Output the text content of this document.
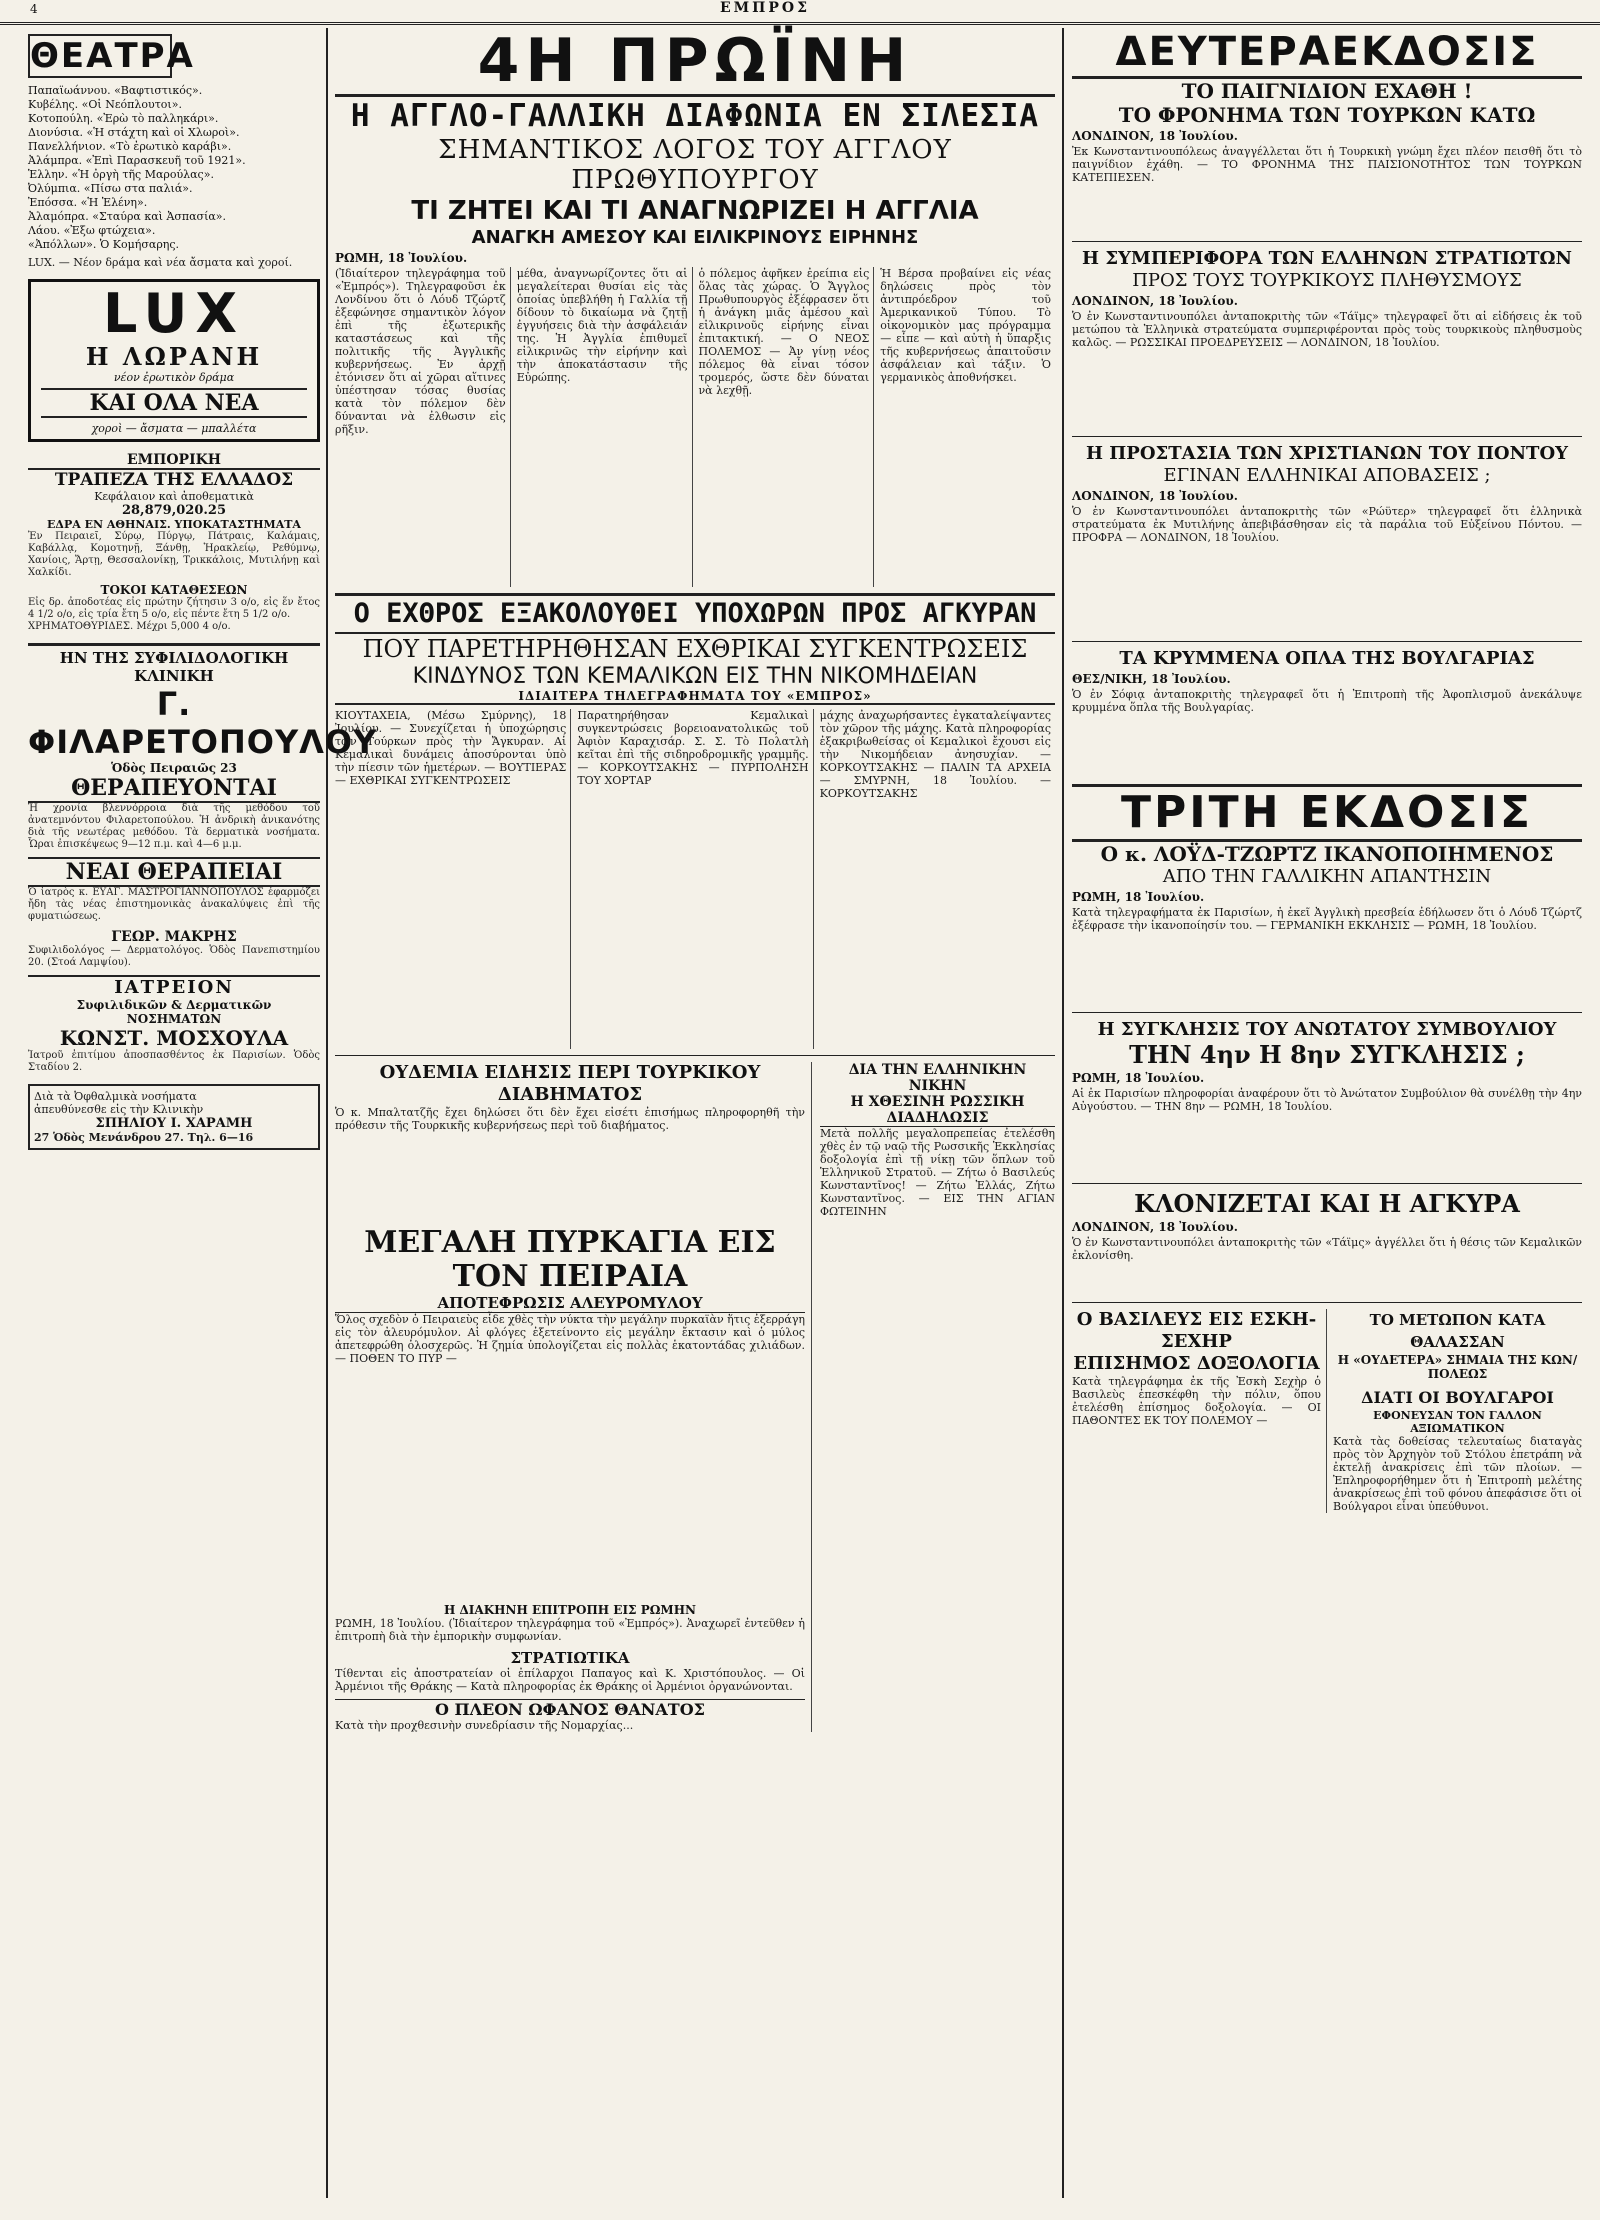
4	ΕΜΠΡΟΣ
ΘΕΑΤΡΑ
Παπαϊωάννου. «Βαφτιστικός».
Κυβέλης. «Οἱ Νεόπλουτοι».
Κοτοπούλη. «Ἐρὼ τὸ παλληκάρι».
Διονύσια. «Ἡ στάχτη καὶ οἱ Χλωροὶ».
Πανελλήνιον. «Τὸ ἐρωτικὸ καράβι».
Ἀλάμπρα. «Ἐπὶ Παρασκευῆ τοῦ 1921».
Ἑλλην. «Ἡ ὀργὴ τῆς Μαρούλας».
Ὀλύμπια. «Πίσω στα παλιά».
Ἐπόσσα. «Ἡ Ἑλένη».
Ἀλαμόπρα. «Σταύρα καὶ Ἀσπασία».
Λάου. «Ἐξω φτώχεια».
«Ἀπόλλων». Ὁ Κομήσαρης.
LUX. — Νέον δράμα καὶ νέα ἄσματα καὶ χοροί.
LUX
Η ΛΩΡΑΝΗ
νέον ἐρωτικὸν δράμα
ΚΑΙ ΟΛΑ ΝΕΑ
χοροὶ — ἄσματα — μπαλλέτα
ΕΜΠΟΡΙΚΗ
ΤΡΑΠΕΖΑ ΤΗΣ ΕΛΛΑΔΟΣ
Κεφάλαιον καὶ ἀποθεματικὰ
28,879,020.25
ΕΔΡΑ ΕΝ ΑΘΗΝΑΙΣ. ΥΠΟΚΑΤΑΣΤΗΜΑΤΑ
Ἐν Πειραιεῖ, Σύρῳ, Πύργῳ, Πάτραις, Καλάμαις, Καβάλλᾳ, Κομοτηνῇ, Ξάνθῃ, Ἡρακλείῳ, Ρεθύμνῳ, Χανίοις, Ἄρτῃ, Θεσσαλονίκῃ, Τρικκάλοις, Μυτιλήνῃ καὶ Χαλκίδι.
ΤΟΚΟΙ ΚΑΤΑΘΕΣΕΩΝ
Εἰς δρ. ἀποδοτέας εἰς πρώτην ζήτησιν 3 ο/ο, εἰς ἕν ἔτος 4 1/2 ο/ο, εἰς τρία ἔτη 5 ο/ο, εἰς πέντε ἔτη 5 1/2 ο/ο.
ΧΡΗΜΑΤΟΘΥΡΙΔΕΣ. Μέχρι 5,000 4 ο/ο.
ΗΝ ΤΗΣ ΣΥΦΙΛΙΔΟΛΟΓΙΚΗ ΚΛΙΝΙΚΗ
Γ. ΦΙΛΑΡΕΤΟΠΟΥΛΟΥ
Ὁδὸς Πειραιῶς 23
ΘΕΡΑΠΕΥΟΝΤΑΙ
Ἡ χρονία βλεννόρροια διὰ τῆς μεθόδου τοῦ ἀνατεμνόντου Φιλαρετοπούλου. Ἡ ἀνδρικὴ ἀνικανότης διὰ τῆς νεωτέρας μεθόδου. Τὰ δερματικὰ νοσήματα. Ὧραι ἐπισκέψεως 9—12 π.μ. καὶ 4—6 μ.μ.
ΝΕΑΙ ΘΕΡΑΠΕΙΑΙ
Ὁ ἰατρὸς κ. ΕΥΑΓ. ΜΑΣΤΡΟΓΙΑΝΝΟΠΟΥΛΟΣ ἐφαρμόζει ἤδη τὰς νέας ἐπιστημονικὰς ἀνακαλύψεις ἐπὶ τῆς φυματιώσεως.
ΓΕΩΡ. ΜΑΚΡΗΣ
Συφιλιδολόγος — Δερματολόγος. Ὁδὸς Πανεπιστημίου 20. (Στοά Λαμψίου).
ΙΑΤΡΕΙΟΝ
Συφιλιδικῶν & Δερματικῶν ΝΟΣΗΜΑΤΩΝ
ΚΩΝΣΤ. ΜΟΣΧΟΥΛΑ
Ἰατροῦ ἐπιτίμου ἀποσπασθέντος ἐκ Παρισίων. Ὁδὸς Σταδίου 2.
Διὰ τὰ Ὀφθαλμικὰ νοσήματα
ἀπευθύνεσθε εἰς τὴν Κλινικὴν
ΣΠΗΛΙΟΥ Ι. ΧΑΡΑΜΗ
27 Ὁδὸς Μενάνδρου 27. Τηλ. 6—16
4Η ΠΡΩΪΝΗ
Η ΑΓΓΛΟ-ΓΑΛΛΙΚΗ ΔΙΑΦΩΝΙΑ ΕΝ ΣΙΛΕΣΙΑ
ΣΗΜΑΝΤΙΚΟΣ ΛΟΓΟΣ ΤΟΥ ΑΓΓΛΟΥ ΠΡΩΘΥΠΟΥΡΓΟΥ
ΤΙ ΖΗΤΕΙ ΚΑΙ ΤΙ ΑΝΑΓΝΩΡΙΖΕΙ Η ΑΓΓΛΙΑ
ΑΝΑΓΚΗ ΑΜΕΣΟΥ ΚΑΙ ΕΙΛΙΚΡΙΝΟΥΣ ΕΙΡΗΝΗΣ
ΡΩΜΗ, 18 Ἰουλίου.
(Ἰδιαίτερον τηλεγράφημα τοῦ «Ἐμπρός»). Τηλεγραφοῦσι ἐκ Λονδίνου ὅτι ὁ Λόυδ Τζώρτζ ἐξεφώνησε σημαντικὸν λόγον ἐπὶ τῆς ἐξωτερικῆς καταστάσεως καὶ τῆς πολιτικῆς τῆς Ἀγγλικῆς κυβερνήσεως. Ἐν ἀρχῇ ἐτόνισεν ὅτι αἱ χῶραι αἵτινες ὑπέστησαν τόσας θυσίας κατὰ τὸν πόλεμον δὲν δύνανται νὰ ἐλθωσιν εἰς ρῆξιν.
μέθα, ἀναγνωρίζοντες ὅτι αἱ μεγαλείτεραι θυσίαι εἰς τὰς ὁποίας ὑπεβλήθη ἡ Γαλλία τῇ δίδουν τὸ δικαίωμα νὰ ζητῇ ἐγγυήσεις διὰ τὴν ἀσφάλειάν της. Ἡ Ἀγγλία ἐπιθυμεῖ εἰλικρινῶς τὴν εἰρήνην καὶ τὴν ἀποκατάστασιν τῆς Εὐρώπης.
ὁ πόλεμος ἀφῆκεν ἐρείπια εἰς ὅλας τὰς χώρας. Ὁ Ἄγγλος Πρωθυπουργὸς ἐξέφρασεν ὅτι ἡ ἀνάγκη μιᾶς ἀμέσου καὶ εἰλικρινοῦς εἰρήνης εἶναι ἐπιτακτική. — Ο ΝΕΟΣ ΠΟΛΕΜΟΣ — Ἀν γίνῃ νέος πόλεμος θὰ εἶναι τόσον τρομερός, ὥστε δὲν δύναται νὰ λεχθῇ.
Ἡ Βέρσα προβαίνει εἰς νέας δηλώσεις πρὸς τὸν ἀντιπρόεδρον τοῦ Ἀμερικανικοῦ Τύπου. Τὸ οἰκονομικὸν μας πρόγραμμα — εἶπε — καὶ αὐτὴ ἡ ὕπαρξις τῆς κυβερνήσεως ἀπαιτοῦσιν ἀσφάλειαν καὶ τάξιν. Ὁ γερμανικὸς ἀποθνήσκει.
Ο ΕΧΘΡΟΣ ΕΞΑΚΟΛΟΥΘΕΙ ΥΠΟΧΩΡΩΝ ΠΡΟΣ ΑΓΚΥΡΑΝ
ΠΟΥ ΠΑΡΕΤΗΡΗΘΗΣΑΝ ΕΧΘΡΙΚΑΙ ΣΥΓΚΕΝΤΡΩΣΕΙΣ
ΚΙΝΔΥΝΟΣ ΤΩΝ ΚΕΜΑΛΙΚΩΝ ΕΙΣ ΤΗΝ ΝΙΚΟΜΗΔΕΙΑΝ
ΙΔΙΑΙΤΕΡΑ ΤΗΛΕΓΡΑΦΗΜΑΤΑ ΤΟΥ «ΕΜΠΡΟΣ»
ΚΙΟΥΤΑΧΕΙΑ, (Μέσω Σμύρνης), 18 Ἰουλίου. — Συνεχίζεται ἡ ὑποχώρησις τῶν Τούρκων πρὸς τὴν Ἄγκυραν. Αἱ Κεμαλικαὶ δυνάμεις ἀποσύρονται ὑπὸ τὴν πίεσιν τῶν ἡμετέρων. — ΒΟΥΤΙΕΡΑΣ — ΕΧΘΡΙΚΑΙ ΣΥΓΚΕΝΤΡΩΣΕΙΣ
Παρατηρήθησαν Κεμαλικαὶ συγκεντρώσεις βορειοανατολικῶς τοῦ Ἀφιὸν Καραχισάρ. Σ. Σ. Τὸ Πολατλὴ κεῖται ἐπὶ τῆς σιδηροδρομικῆς γραμμῆς. — ΚΟΡΚΟΥΤΣΑΚΗΣ — ΠΥΡΠΟΛΗΣΗ ΤΟΥ ΧΟΡΤΑΡ
μάχης ἀναχωρήσαντες ἐγκαταλείψαντες τὸν χῶρον τῆς μάχης. Κατὰ πληροφορίας ἐξακριβωθείσας οἱ Κεμαλικοὶ ἔχουσι εἰς τὴν Νικομήδειαν ἀνησυχίαν. — ΚΟΡΚΟΥΤΣΑΚΗΣ — ΠΑΛΙΝ ΤΑ ΑΡΧΕΙΑ — ΣΜΥΡΝΗ, 18 Ἰουλίου. — ΚΟΡΚΟΥΤΣΑΚΗΣ
ΟΥΔΕΜΙΑ ΕΙΔΗΣΙΣ ΠΕΡΙ ΤΟΥΡΚΙΚΟΥ ΔΙΑΒΗΜΑΤΟΣ
Ὁ κ. Μπαλτατζῆς ἔχει δηλώσει ὅτι δὲν ἔχει εἰσέτι ἐπισήμως πληροφορηθῆ τὴν πρόθεσιν τῆς Τουρκικῆς κυβερνήσεως περὶ τοῦ διαβήματος.
ΜΕΓΑΛΗ ΠΥΡΚΑΓΙΑ ΕΙΣ ΤΟΝ ΠΕΙΡΑΙΑ
ΑΠΟΤΕΦΡΩΣΙΣ ΑΛΕΥΡΟΜΥΛΟΥ
Ὅλος σχεδὸν ὁ Πειραιεὺς εἶδε χθὲς τὴν νύκτα τὴν μεγάλην πυρκαϊὰν ἥτις ἐξερράγη εἰς τὸν ἀλευρόμυλον. Αἱ φλόγες ἐξετείνοντο εἰς μεγάλην ἔκτασιν καὶ ὁ μύλος ἀπετεφρώθη ὁλοσχερῶς. Ἡ ζημία ὑπολογίζεται εἰς πολλὰς ἑκατοντάδας χιλιάδων. — ΠΟΘΕΝ ΤΟ ΠΥΡ —
Η ΔΙΑΚΗΝΗ ΕΠΙΤΡΟΠΗ ΕΙΣ ΡΩΜΗΝ
ΡΩΜΗ, 18 Ἰουλίου. (Ἰδιαίτερον τηλεγράφημα τοῦ «Ἐμπρός»). Ἀναχωρεῖ ἐντεῦθεν ἡ ἐπιτροπὴ διὰ τὴν ἐμπορικὴν συμφωνίαν.
ΣΤΡΑΤΙΩΤΙΚΑ
Τίθενται εἰς ἀποστρατείαν οἱ ἐπίλαρχοι Παπαγος καὶ Κ. Χριστόπουλος. — Οἱ Ἀρμένιοι τῆς Θράκης — Κατὰ πληροφορίας ἐκ Θράκης οἱ Ἀρμένιοι ὀργανώνονται.
Ο ΠΛΕΟΝ ΩΦΑΝΟΣ ΘΑΝΑΤΟΣ
Κατὰ τὴν προχθεσινὴν συνεδρίασιν τῆς Νομαρχίας...
ΔΙΑ ΤΗΝ ΕΛΛΗΝΙΚΗΝ ΝΙΚΗΝ
Η ΧΘΕΣΙΝΗ ΡΩΣΣΙΚΗ ΔΙΑΔΗΛΩΣΙΣ
Μετὰ πολλῆς μεγαλοπρεπείας ἐτελέσθη χθὲς ἐν τῷ ναῷ τῆς Ρωσσικῆς Ἐκκλησίας δοξολογία ἐπὶ τῇ νίκῃ τῶν ὅπλων τοῦ Ἑλληνικοῦ Στρατοῦ. — Ζήτω ὁ Βασιλεύς Κωνσταντῖνος! — Ζήτω Ἑλλάς, Ζήτω Κωνσταντῖνος. — ΕΙΣ ΤΗΝ ΑΓΙΑΝ ΦΩΤΕΙΝΗΝ
ΔΕΥΤΕΡΑΕΚΔΟΣΙΣ
ΤΟ ΠΑΙΓΝΙΔΙΟΝ ΕΧΑΘΗ !
ΤΟ ΦΡΟΝΗΜΑ ΤΩΝ ΤΟΥΡΚΩΝ ΚΑΤΩ
ΛΟΝΔΙΝΟΝ, 18 Ἰουλίου.
Ἐκ Κωνσταντινουπόλεως ἀναγγέλλεται ὅτι ἡ Τουρκικὴ γνώμη ἔχει πλέον πεισθῆ ὅτι τὸ παιγνίδιον ἐχάθη. — ΤΟ ΦΡΟΝΗΜΑ ΤΗΣ ΠΑΙΣΙΟΝΟΤΗΤΟΣ ΤΩΝ ΤΟΥΡΚΩΝ ΚΑΤΕΠΙΕΣΕΝ.
Η ΣΥΜΠΕΡΙΦΟΡΑ ΤΩΝ ΕΛΛΗΝΩΝ ΣΤΡΑΤΙΩΤΩΝ
ΠΡΟΣ ΤΟΥΣ ΤΟΥΡΚΙΚΟΥΣ ΠΛΗΘΥΣΜΟΥΣ
ΛΟΝΔΙΝΟΝ, 18 Ἰουλίου.
Ὁ ἐν Κωνσταντινουπόλει ἀνταποκριτὴς τῶν «Τάϊμς» τηλεγραφεῖ ὅτι αἱ εἰδήσεις ἐκ τοῦ μετώπου τὰ Ἑλληνικὰ στρατεύματα συμπεριφέρονται πρὸς τοὺς τουρκικοὺς πληθυσμοὺς καλῶς. — ΡΩΣΣΙΚΑΙ ΠΡΟΕΔΡΕΥΣΕΙΣ — ΛΟΝΔΙΝΟΝ, 18 Ἰουλίου.
Η ΠΡΟΣΤΑΣΙΑ ΤΩΝ ΧΡΙΣΤΙΑΝΩΝ ΤΟΥ ΠΟΝΤΟΥ
ΕΓΙΝΑΝ ΕΛΛΗΝΙΚΑΙ ΑΠΟΒΑΣΕΙΣ ;
ΛΟΝΔΙΝΟΝ, 18 Ἰουλίου.
Ὁ ἐν Κωνσταντινουπόλει ἀνταποκριτὴς τῶν «Ρώϋτερ» τηλεγραφεῖ ὅτι ἑλληνικὰ στρατεύματα ἐκ Μυτιλήνης ἀπεβιβάσθησαν εἰς τὰ παράλια τοῦ Εὐξείνου Πόντου. — ΠΡΟΦΡΑ — ΛΟΝΔΙΝΟΝ, 18 Ἰουλίου.
ΤΑ ΚΡΥΜΜΕΝΑ ΟΠΛΑ ΤΗΣ ΒΟΥΛΓΑΡΙΑΣ
ΘΕΣ/ΝΙΚΗ, 18 Ἰουλίου.
Ὁ ἐν Σόφιᾳ ἀνταποκριτὴς τηλεγραφεῖ ὅτι ἡ Ἐπιτροπὴ τῆς Ἀφοπλισμοῦ ἀνεκάλυψε κρυμμένα ὅπλα τῆς Βουλγαρίας.
ΤΡΙΤΗ ΕΚΔΟΣΙΣ
Ο κ. ΛΟΫΔ-ΤΖΩΡΤΖ ΙΚΑΝΟΠΟΙΗΜΕΝΟΣ
ΑΠΟ ΤΗΝ ΓΑΛΛΙΚΗΝ ΑΠΑΝΤΗΣΙΝ
ΡΩΜΗ, 18 Ἰουλίου.
Κατὰ τηλεγραφήματα ἐκ Παρισίων, ἡ ἐκεῖ Ἀγγλικὴ πρεσβεία ἐδήλωσεν ὅτι ὁ Λόυδ Τζώρτζ ἐξέφρασε τὴν ἱκανοποίησίν του. — ΓΕΡΜΑΝΙΚΗ ΕΚΚΛΗΣΙΣ — ΡΩΜΗ, 18 Ἰουλίου.
Η ΣΥΓΚΛΗΣΙΣ ΤΟΥ ΑΝΩΤΑΤΟΥ ΣΥΜΒΟΥΛΙΟΥ
ΤΗΝ 4ην Η 8ην ΣΥΓΚΛΗΣΙΣ ;
ΡΩΜΗ, 18 Ἰουλίου.
Αἱ ἐκ Παρισίων πληροφορίαι ἀναφέρουν ὅτι τὸ Ἀνώτατον Συμβούλιον θὰ συνέλθῃ τὴν 4ην Αὐγούστου. — ΤΗΝ 8ην — ΡΩΜΗ, 18 Ἰουλίου.
ΚΛΟΝΙΖΕΤΑΙ ΚΑΙ Η ΑΓΚΥΡΑ
ΛΟΝΔΙΝΟΝ, 18 Ἰουλίου.
Ὁ ἐν Κωνσταντινουπόλει ἀνταποκριτὴς τῶν «Τάϊμς» ἀγγέλλει ὅτι ἡ θέσις τῶν Κεμαλικῶν ἐκλονίσθη.
Ο ΒΑΣΙΛΕΥΣ ΕΙΣ ΕΣΚΗ-ΣΕΧΗΡ
ΕΠΙΣΗΜΟΣ ΔΟΞΟΛΟΓΙΑ
Κατὰ τηλεγράφημα ἐκ τῆς Ἐσκὴ Σεχὴρ ὁ Βασιλεὺς ἐπεσκέφθη τὴν πόλιν, ὅπου ἐτελέσθη ἐπίσημος δοξολογία. — ΟΙ ΠΑΘΟΝΤΕΣ ΕΚ ΤΟΥ ΠΟΛΕΜΟΥ —
ΤΟ ΜΕΤΩΠΟΝ ΚΑΤΑ ΘΑΛΑΣΣΑΝ
Η «ΟΥΔΕΤΕΡΑ» ΣΗΜΑΙΑ ΤΗΣ ΚΩΝ/ΠΟΛΕΩΣ
ΔΙΑΤΙ ΟΙ ΒΟΥΛΓΑΡΟΙ
ΕΦΟΝΕΥΣΑΝ ΤΟΝ ΓΑΛΛΟΝ ΑΞΙΩΜΑΤΙΚΟΝ
Κατὰ τὰς δοθείσας τελευταίως διαταγὰς πρὸς τὸν Ἀρχηγὸν τοῦ Στόλου ἐπετράπη νὰ ἐκτελῇ ἀνακρίσεις ἐπὶ τῶν πλοίων. — Ἐπληροφορήθημεν ὅτι ἡ Ἐπιτροπὴ μελέτης ἀνακρίσεως ἐπὶ τοῦ φόνου ἀπεφάσισε ὅτι οἱ Βούλγαροι εἶναι ὑπεύθυνοι.
